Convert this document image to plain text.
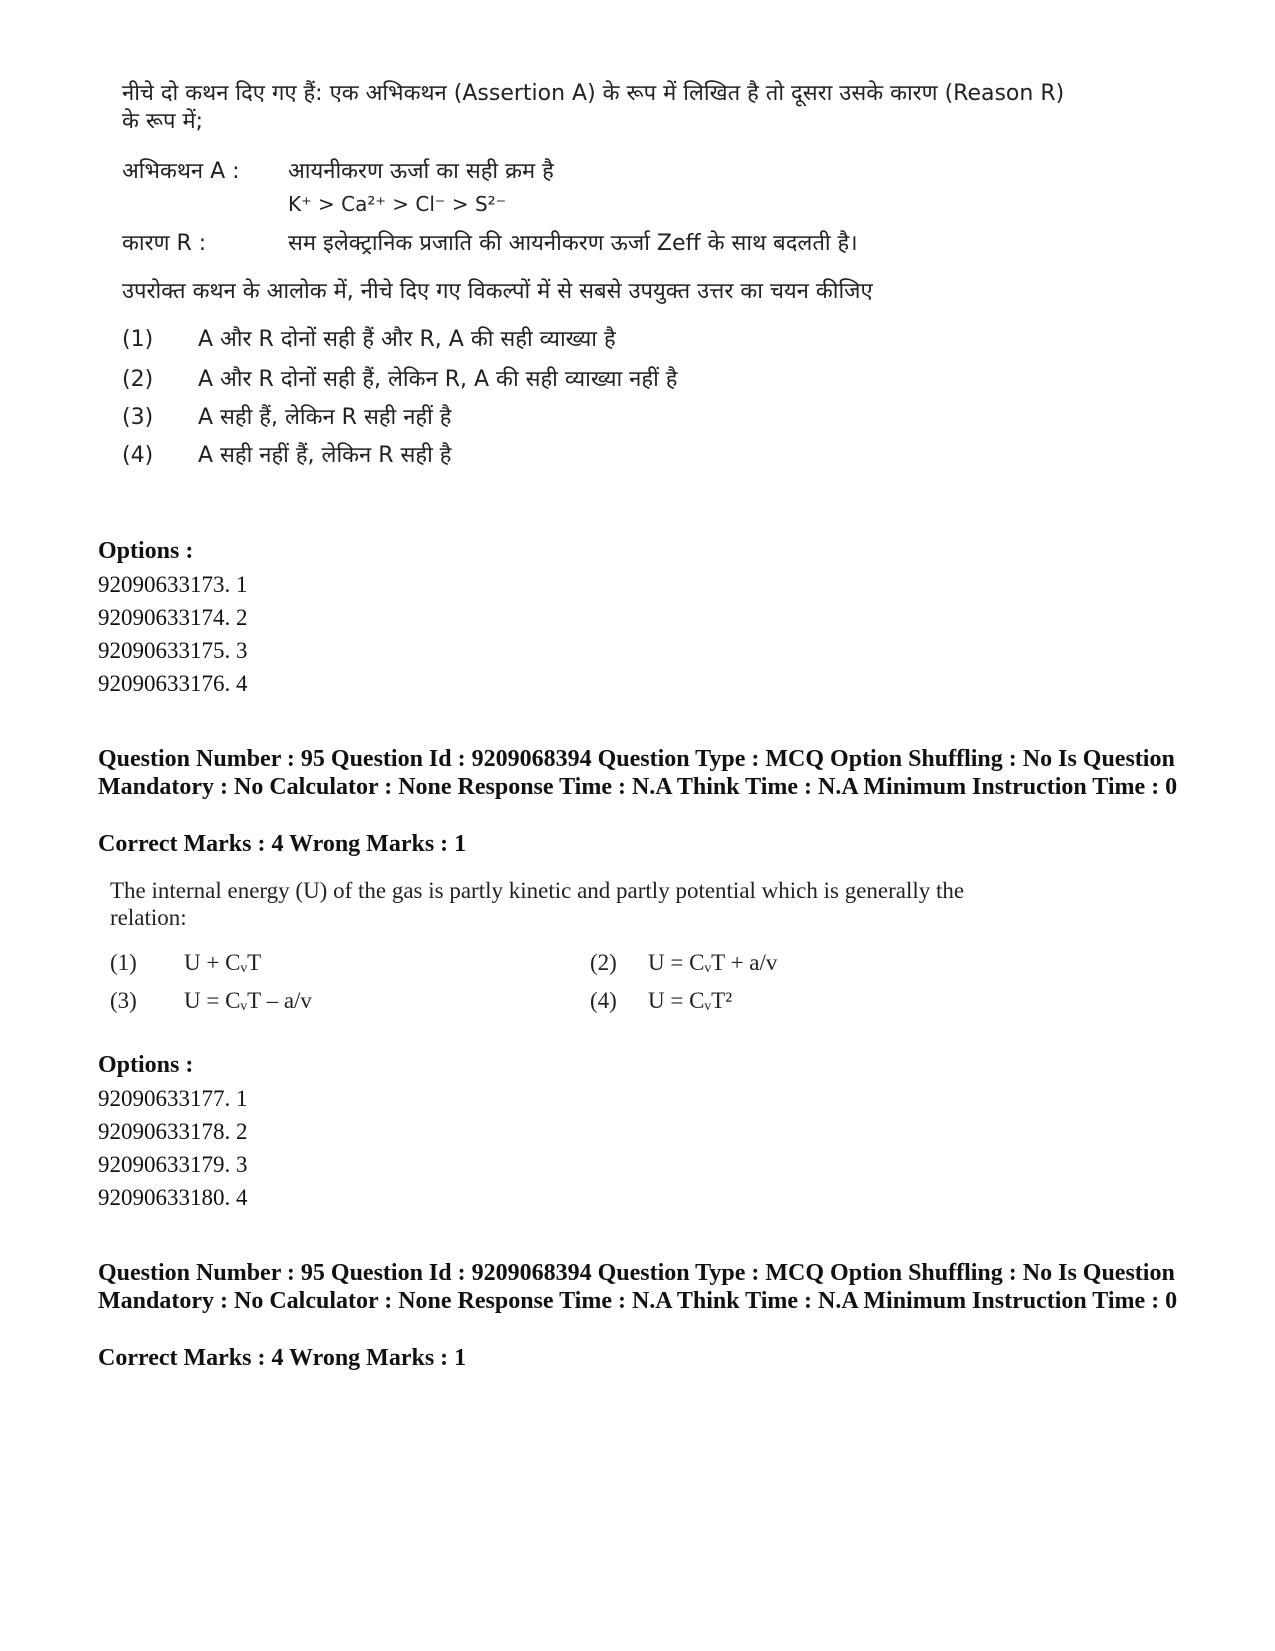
नीचे दो कथन दिए गए हैं: एक अभिकथन (Assertion A) के रूप में लिखित है तो दूसरा उसके कारण (Reason R)
के रूप में;
अभिकथन A : आयनीकरण ऊर्जा का सही क्रम है
K⁺ > Ca²⁺ > Cl⁻ > S²⁻
कारण R :	सम इलेक्ट्रानिक प्रजाति की आयनीकरण ऊर्जा Zeff के साथ बदलती है।
उपरोक्त कथन के आलोक में, नीचे दिए गए विकल्पों में से सबसे उपयुक्त उत्तर का चयन कीजिए
(1) A और R दोनों सही हैं और R, A की सही व्याख्या है
(2) A और R दोनों सही हैं, लेकिन R, A की सही व्याख्या नहीं है
(3) A सही हैं, लेकिन R सही नहीं है
(4) A सही नहीं हैं, लेकिन R सही है
Options :
92090633173. 1
92090633174. 2
92090633175. 3
92090633176. 4
Question Number : 95 Question Id : 9209068394 Question Type : MCQ Option Shuffling : No Is Question Mandatory : No Calculator : None Response Time : N.A Think Time : N.A Minimum Instruction Time : 0
Correct Marks : 4 Wrong Marks : 1
The internal energy (U) of the gas is partly kinetic and partly potential which is generally the
relation:
(1) U + CᵥT	(2) U = CᵥT + a/v
(3) U = CᵥT – a/v	(4) U = CᵥT²
Options :
92090633177. 1
92090633178. 2
92090633179. 3
92090633180. 4
Question Number : 95 Question Id : 9209068394 Question Type : MCQ Option Shuffling : No Is Question Mandatory : No Calculator : None Response Time : N.A Think Time : N.A Minimum Instruction Time : 0
Correct Marks : 4 Wrong Marks : 1
